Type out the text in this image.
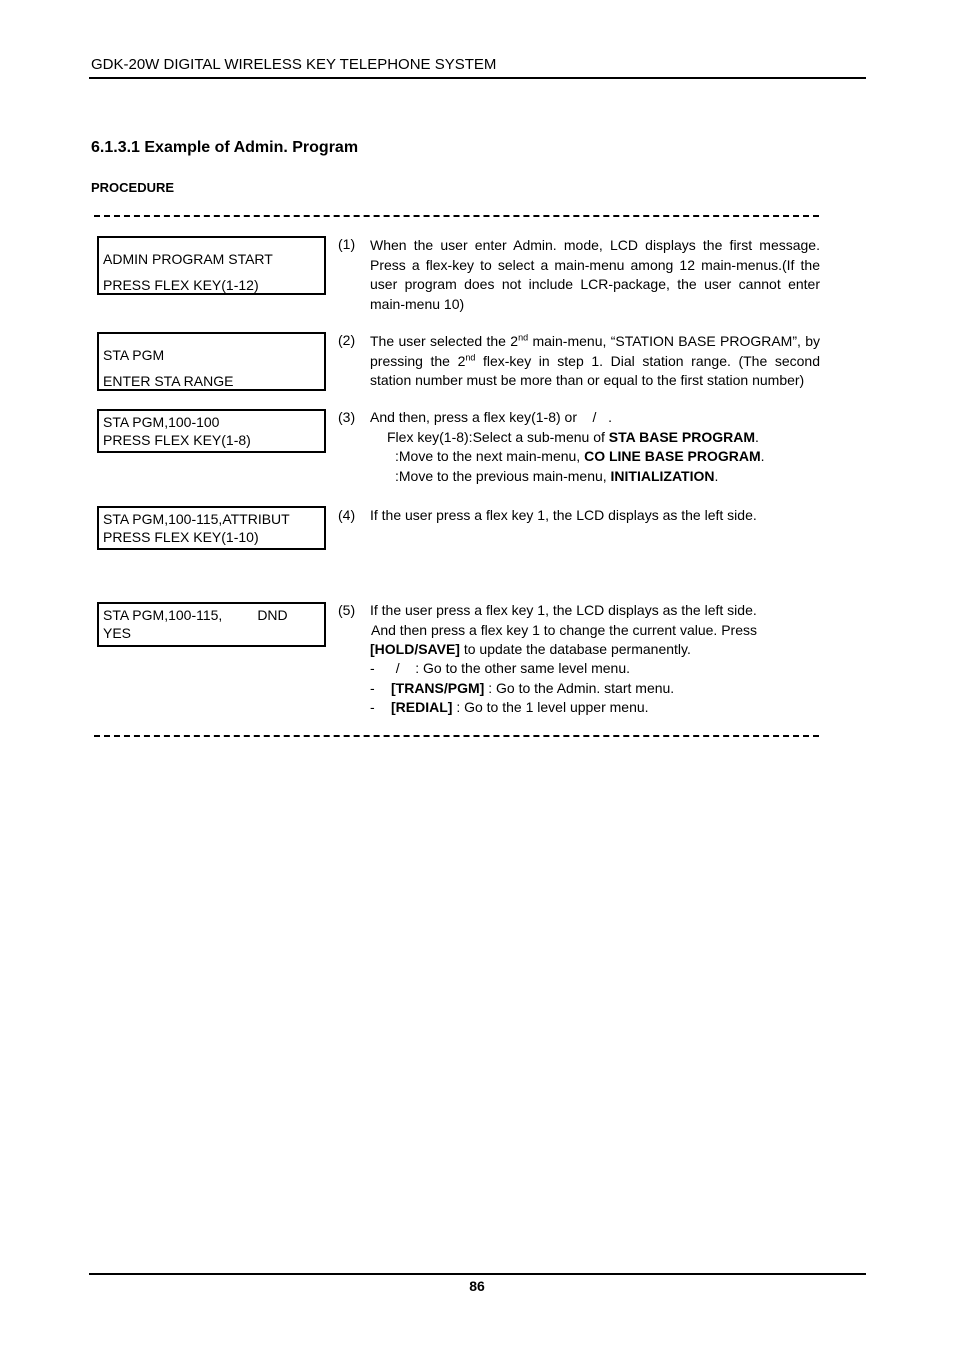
GDK-20W DIGITAL WIRELESS KEY TELEPHONE SYSTEM
6.1.3.1 Example of Admin. Program
PROCEDURE
ADMIN PROGRAM START
PRESS FLEX KEY(1-12)
(1) When the user enter Admin. mode, LCD displays the first message. Press a flex-key to select a main-menu among 12 main-menus.(If the user program does not include LCR-package, the user cannot enter main-menu 10)
STA PGM
ENTER STA RANGE
(2) The user selected the 2nd main-menu, “STATION BASE PROGRAM”, by pressing the 2nd flex-key in step 1. Dial station range. (The second station number must be more than or equal to the first station number)
STA PGM,100-100
PRESS FLEX KEY(1-8)
(3) And then, press a flex key(1-8) or    /   .
Flex key(1-8):Select a sub-menu of STA BASE PROGRAM.
:Move to the next main-menu, CO LINE BASE PROGRAM.
:Move to the previous main-menu, INITIALIZATION.
STA PGM,100-115,ATTRIBUT
PRESS FLEX KEY(1-10)
(4) If the user press a flex key 1, the LCD displays as the left side.
STA PGM,100-115,         DND
YES
(5) If the user press a flex key 1, the LCD displays as the left side.
And then press a flex key 1 to change the current value. Press
[HOLD/SAVE] to update the database permanently.
- /    : Go to the other same level menu.
- [TRANS/PGM] : Go to the Admin. start menu.
- [REDIAL] : Go to the 1 level upper menu.
86
